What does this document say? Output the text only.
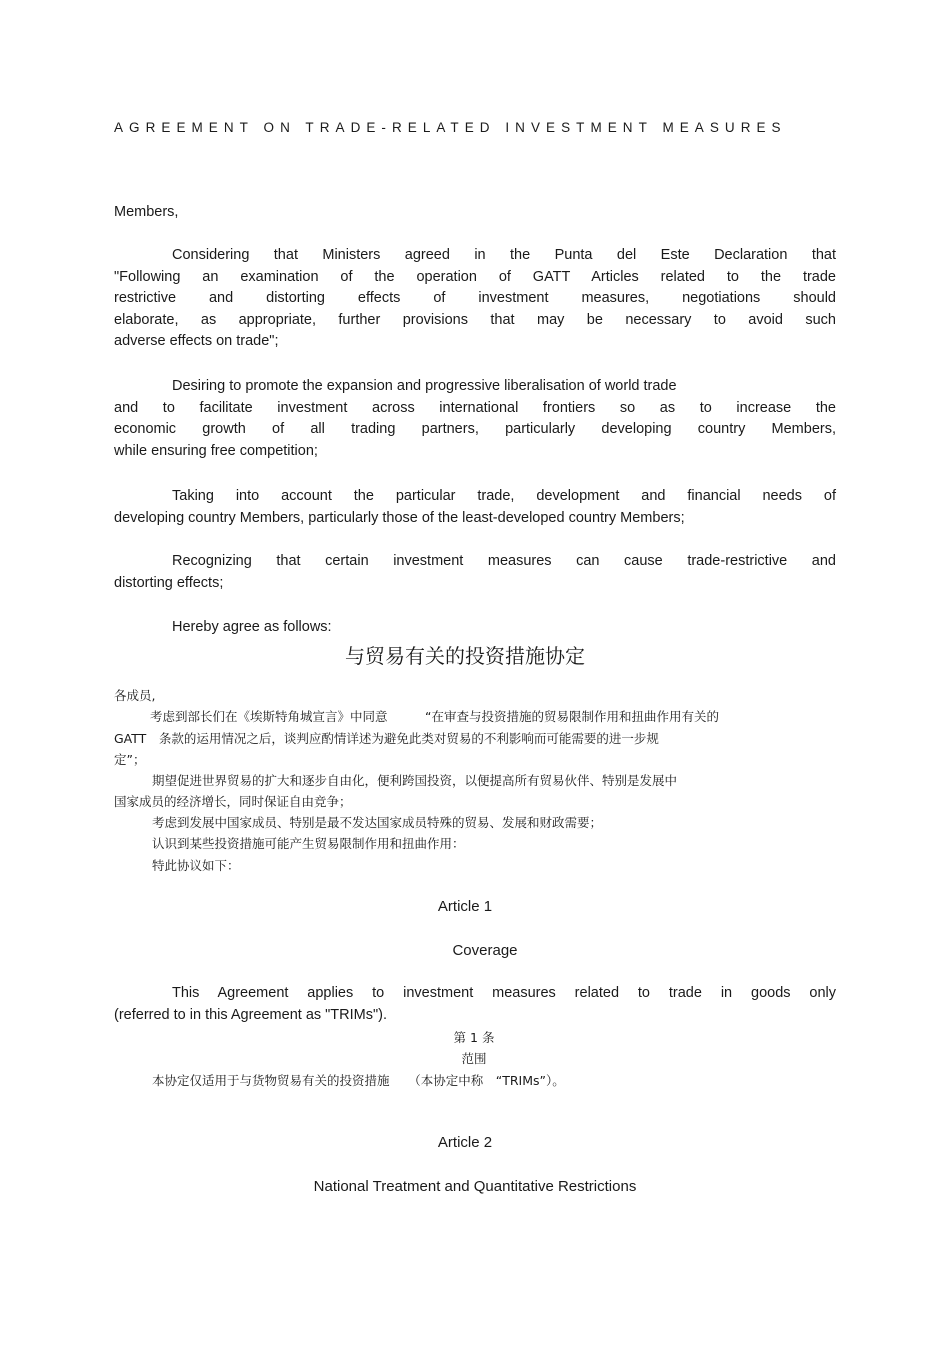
AGREEMENT ON TRADE-RELATED INVESTMENT MEASURES
Members,
Considering that Ministers agreed in the Punta del Este Declaration that
"Following an examination of the operation of GATT Articles related to the trade
restrictive and distorting effects of investment measures, negotiations should
elaborate, as appropriate, further provisions that may be necessary to avoid such
adverse effects on trade";
Desiring to promote the expansion and progressive liberalisation of world trade
and to facilitate investment across international frontiers so as to increase the
economic growth of all trading partners, particularly developing country Members,
while ensuring free competition;
Taking into account the particular trade, development and financial needs of
developing country Members, particularly those of the least-developed country Members;
Recognizing that certain investment measures can cause trade-restrictive and
distorting effects;
Hereby agree as follows:
与贸易有关的投资措施协定
各成员,
考虑到部长们在《埃斯特角城宣言》中同意　　　“在审查与投资措施的贸易限制作用和扭曲作用有关的
GATT　条款的运用情况之后，谈判应酌情详述为避免此类对贸易的不利影响而可能需要的进一步规
定”；
期望促进世界贸易的扩大和逐步自由化，便利跨国投资，以便提高所有贸易伙伴、特别是发展中
国家成员的经济增长，同时保证自由竞争；
考虑到发展中国家成员、特别是最不发达国家成员特殊的贸易、发展和财政需要；
认识到某些投资措施可能产生贸易限制作用和扭曲作用：
特此协议如下：
Article 1
Coverage
This Agreement applies to investment measures related to trade in goods only
(referred to in this Agreement as "TRIMs").
第 1 条
范围
本协定仅适用于与货物贸易有关的投资措施　　（本协定中称　“TRIMs”）。
Article 2
National Treatment and Quantitative Restrictions
